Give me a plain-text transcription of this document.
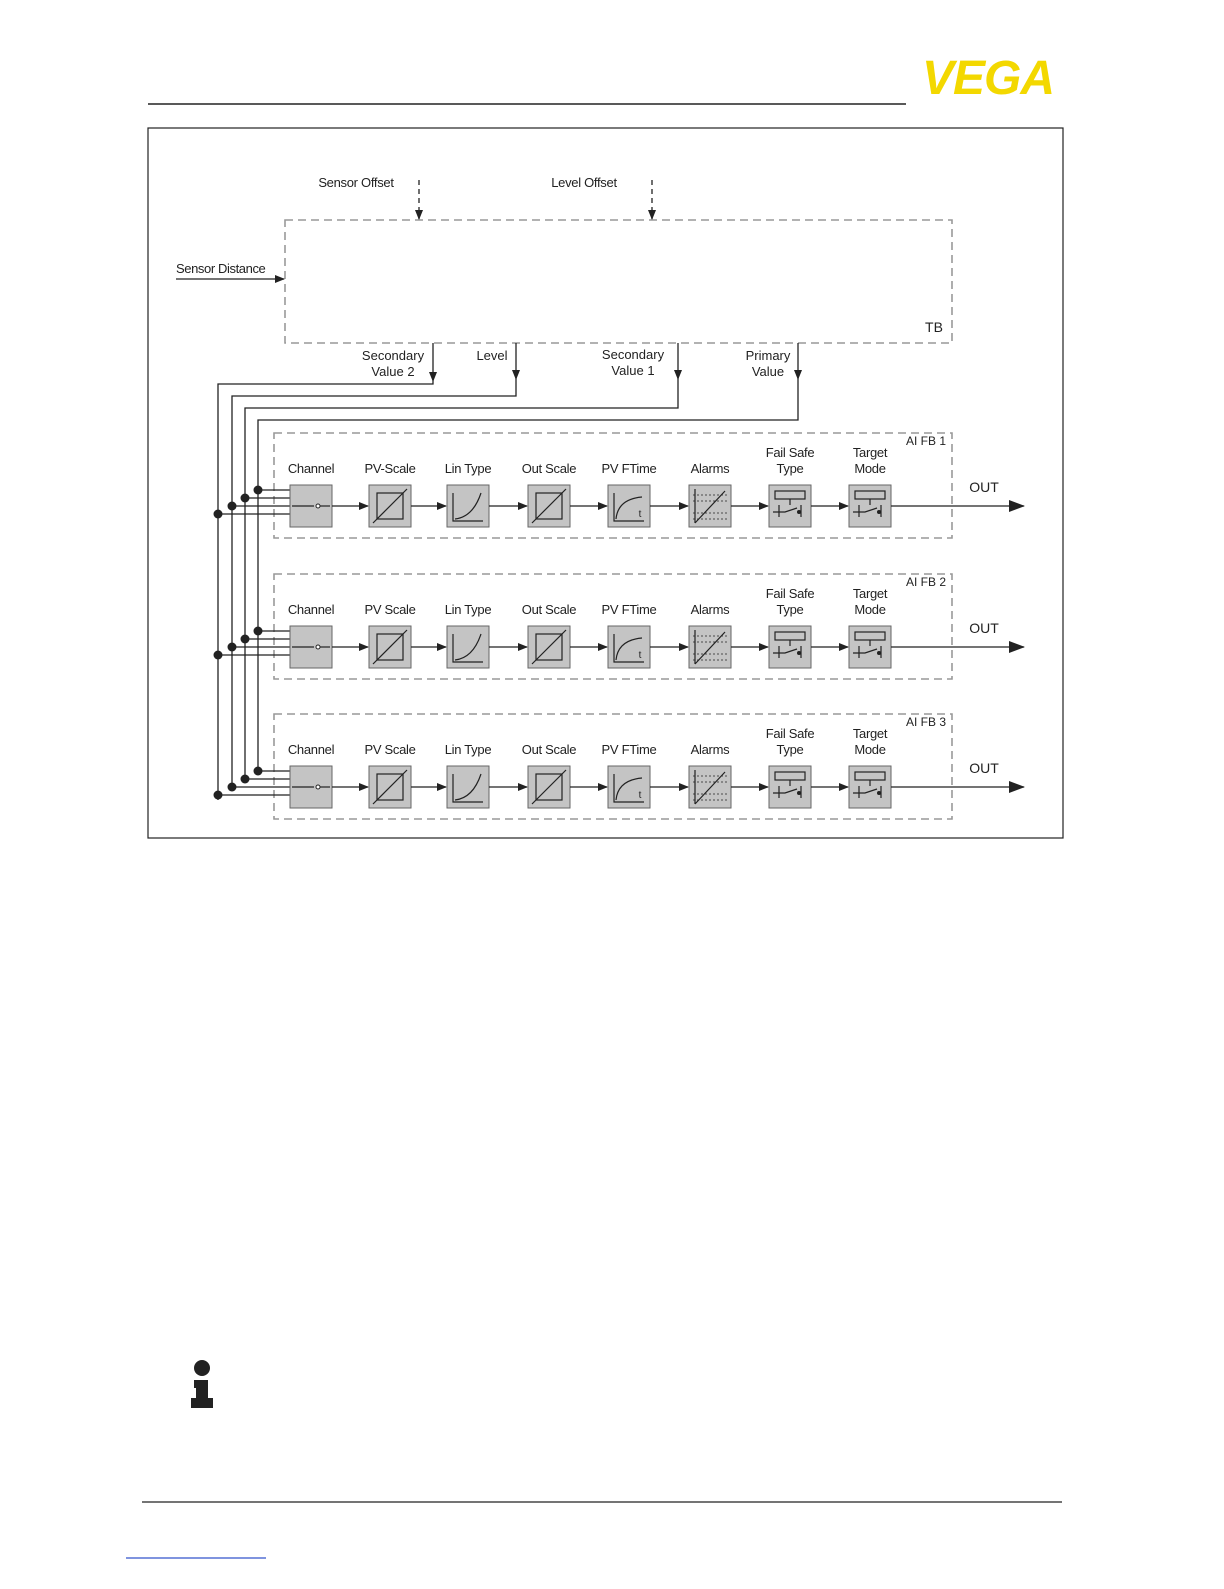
VEGA
TB
Sensor Distance
Sensor Offset	Level Offset
Secondary
Value 2
Level	Secondary
Value 1
Primary
Value
AI FB 1
Channel PV-Scale Lin Type Out Scale PV FTime
t
Alarms
Fail Safe Type
Target Mode
OUT
AI FB 2
Channel PV Scale Lin Type Out Scale PV FTime
t
Alarms
Fail Safe Type
Target Mode
OUT
AI FB 3
Channel PV Scale Lin Type Out Scale PV FTime
t
Alarms
Fail Safe Type
Target Mode
OUT
